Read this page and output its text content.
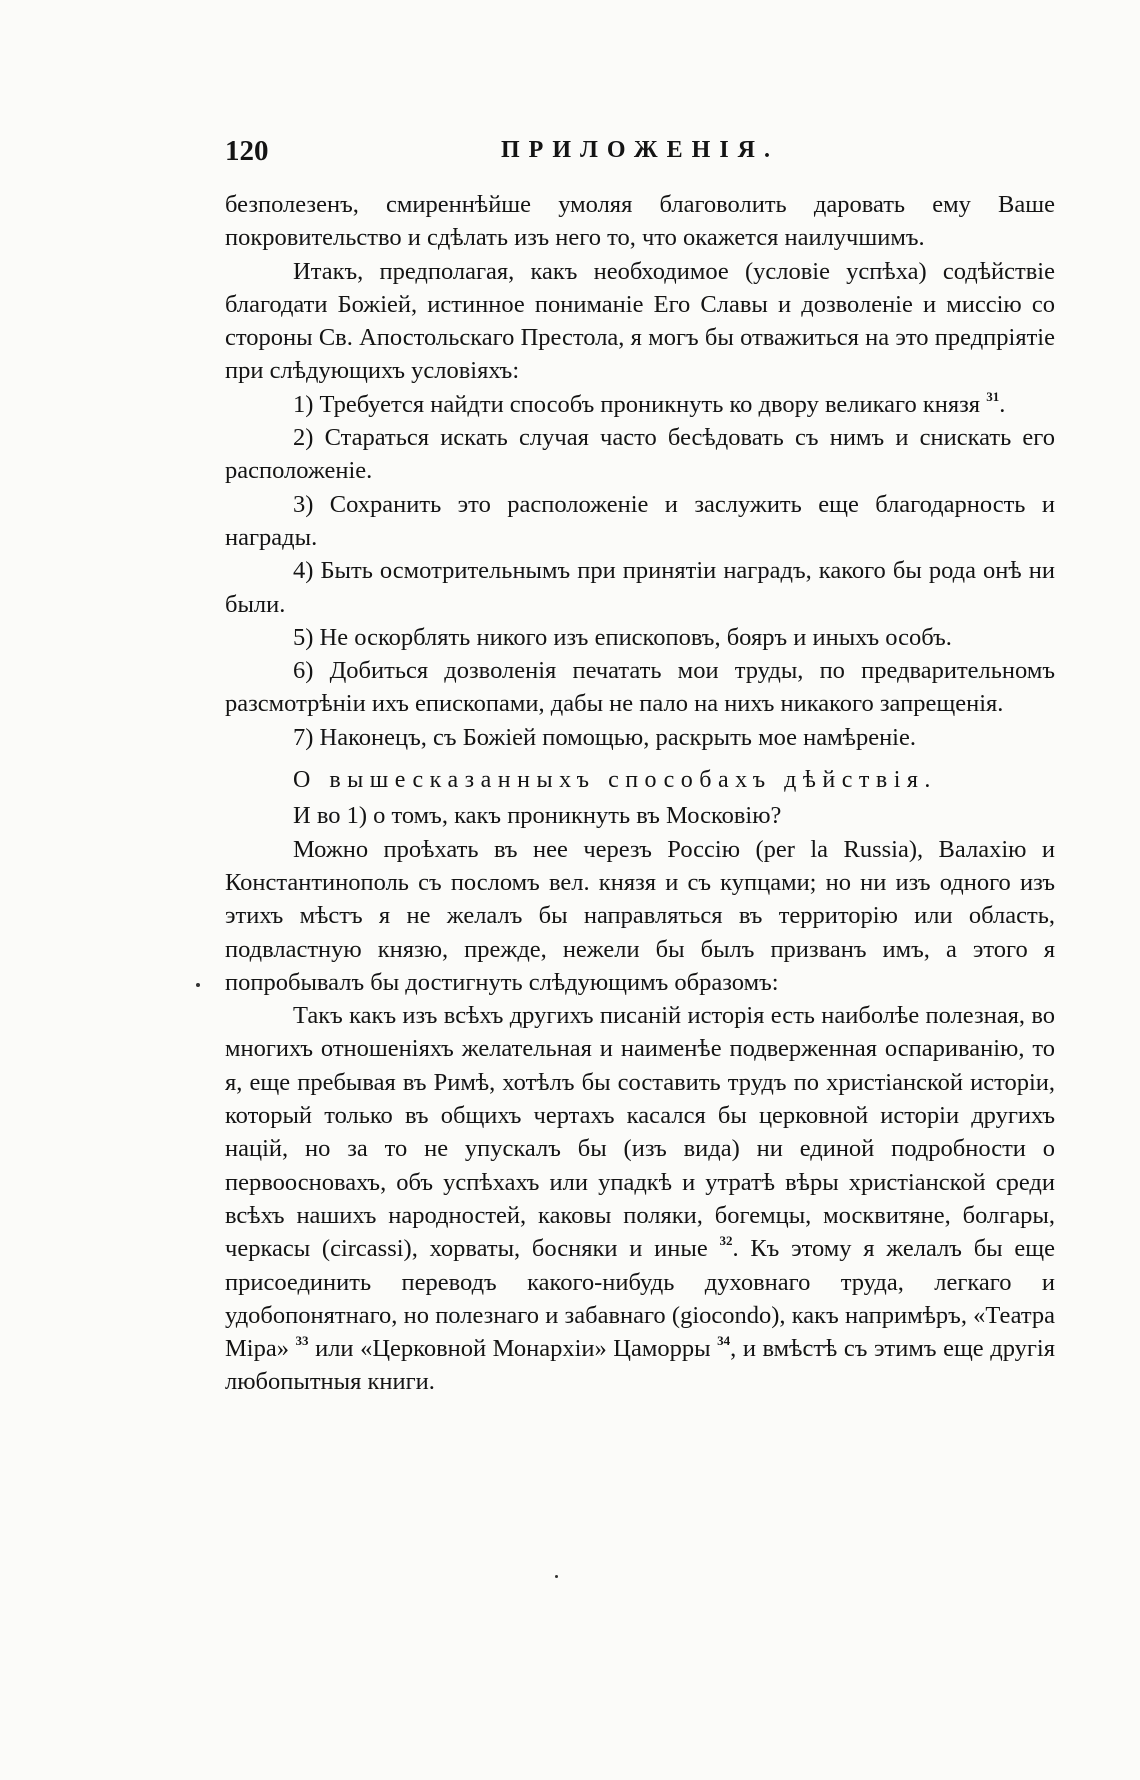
120	ПРИЛОЖЕНІЯ.

безполезенъ, смиреннѣйше умоляя благоволить даровать ему Ваше покровительство и сдѣлать изъ него то, что окажется наилучшимъ.

Итакъ, предполагая, какъ необходимое (условіе успѣха) содѣйствіе благодати Божіей, истинное пониманіе Его Славы и дозволеніе и миссію со стороны Св. Апостольскаго Престола, я могъ бы отважиться на это предпріятіе при слѣдующихъ условіяхъ:

1) Требуется найдти способъ проникнуть ко двору великаго князя $^{31}$.

2) Стараться искать случая часто бесѣдовать съ нимъ и снискать его расположеніе.

3) Сохранить это расположеніе и заслужить еще благодарность и награды.

4) Быть осмотрительнымъ при принятіи наградъ, какого бы рода онѣ ни были.

5) Не оскорблять никого изъ епископовъ, бояръ и иныхъ особъ.

6) Добиться дозволенія печатать мои труды, по предварительномъ разсмотрѣніи ихъ епископами, дабы не пало на нихъ никакого запрещенія.

7) Наконецъ, съ Божіей помощью, раскрыть мое намѣреніе.

О вышесказанныхъ способахъ дѣйствія.

И во 1) о томъ, какъ проникнуть въ Московію?

Можно проѣхать въ нее черезъ Россію (per la Russia), Валахію и Константинополь съ посломъ вел. князя и съ купцами; но ни изъ одного изъ этихъ мѣстъ я не желалъ бы направляться въ территорію или область, подвластную князю, прежде, нежели бы былъ призванъ имъ, а этого я попробывалъ бы достигнуть слѣдующимъ образомъ:

Такъ какъ изъ всѣхъ другихъ писаній исторія есть наиболѣе полезная, во многихъ отношеніяхъ желательная и наименѣе подверженная оспариванію, то я, еще пребывая въ Римѣ, хотѣлъ бы составить трудъ по христіанской исторіи, который только въ общихъ чертахъ касался бы церковной исторіи другихъ націй, но за то не упускалъ бы (изъ вида) ни единой подробности о первоосновахъ, объ успѣхахъ или упадкѣ и утратѣ вѣры христіанской среди всѣхъ нашихъ народностей, каковы поляки, богемцы, москвитяне, болгары, черкасы (circassi), хорваты, босняки и иные $^{32}$. Къ этому я желалъ бы еще присоединить переводъ какого-нибудь духовнаго труда, легкаго и удобопонятнаго, но полезнаго и забавнаго (giocondo), какъ напримѣръ, «Театра Міра» $^{33}$ или «Церковной Монархіи» Цаморры $^{34}$, и вмѣстѣ съ этимъ еще другія любопытныя книги.
